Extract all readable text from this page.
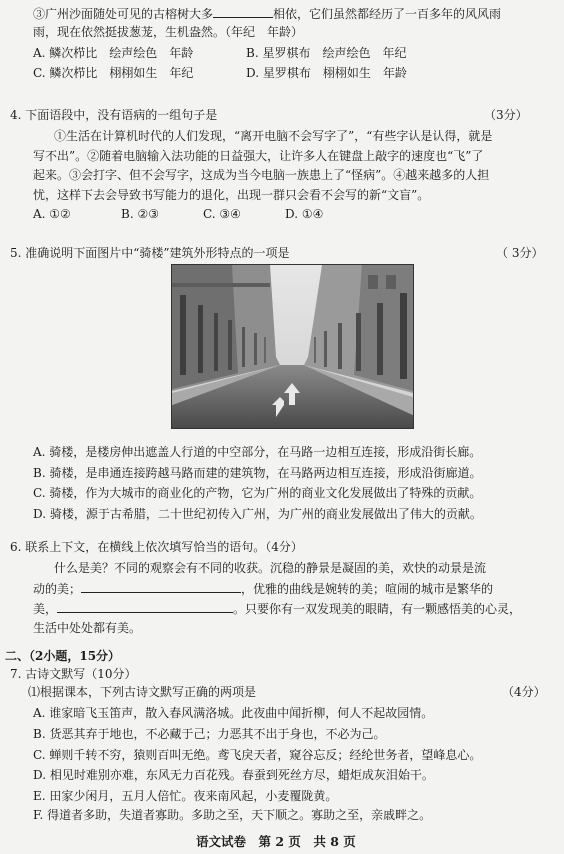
③广州沙面随处可见的古榕树大多	相依，它们虽然都经历了一百多年的风风雨
雨，现在依然挺拔葱茏，生机盎然。（年纪　年龄）
A. 鳞次栉比　绘声绘色　年龄	B. 星罗棋布　绘声绘色　年纪
C. 鳞次栉比　栩栩如生　年纪	D. 星罗棋布　栩栩如生　年龄
4. 下面语段中，没有语病的一组句子是	（3分）
①生活在计算机时代的人们发现，“离开电脑不会写字了”，“有些字认是认得，就是
写不出”。②随着电脑输入法功能的日益强大，让许多人在键盘上敲字的速度也“飞”了
起来。③会打字、但不会写字，这成为当今电脑一族患上了“怪病”。④越来越多的人担
忧，这样下去会导致书写能力的退化，出现一群只会看不会写的新“文盲”。
A. ①②	B. ②③	C. ③④	D. ①④
5. 准确说明下面图片中“骑楼”建筑外形特点的一项是	（ 3分）
A. 骑楼，是楼房伸出遮盖人行道的中空部分，在马路一边相互连接，形成沿街长廊。
B. 骑楼，是串通连接跨越马路而建的建筑物，在马路两边相互连接，形成沿街廊道。
C. 骑楼，作为大城市的商业化的产物，它为广州的商业文化发展做出了特殊的贡献。
D. 骑楼，源于古希腊，二十世纪初传入广州，为广州的商业发展做出了伟大的贡献。
6. 联系上下文，在横线上依次填写恰当的语句。（4分）
什么是美？不同的观察会有不同的收获。沉稳的静景是凝固的美，欢快的动景是流
动的美；	，优雅的曲线是婉转的美；喧闹的城市是繁华的
美，	。只要你有一双发现美的眼睛，有一颗感悟美的心灵，
生活中处处都有美。
二、（2小题，15分）
7. 古诗文默写（10分）
⑴根据课本，下列古诗文默写正确的两项是	（4分）
A. 谁家暗飞玉笛声，散入春风满洛城。此夜曲中闻折柳，何人不起故园情。
B. 货恶其弃于地也，不必藏于己；力恶其不出于身也，不必为己。
C. 蝉则千转不穷，猿则百叫无绝。鸢飞戾天者，窥谷忘反；经纶世务者，望峰息心。
D. 相见时难别亦难，东风无力百花残。春蚕到死丝方尽，蜡炬成灰泪始干。
E. 田家少闲月，五月人倍忙。夜来南风起，小麦覆陇黄。
F. 得道者多助，失道者寡助。多助之至，天下顺之。寡助之至，亲戚畔之。
语文试卷　第 2 页　共 8 页
